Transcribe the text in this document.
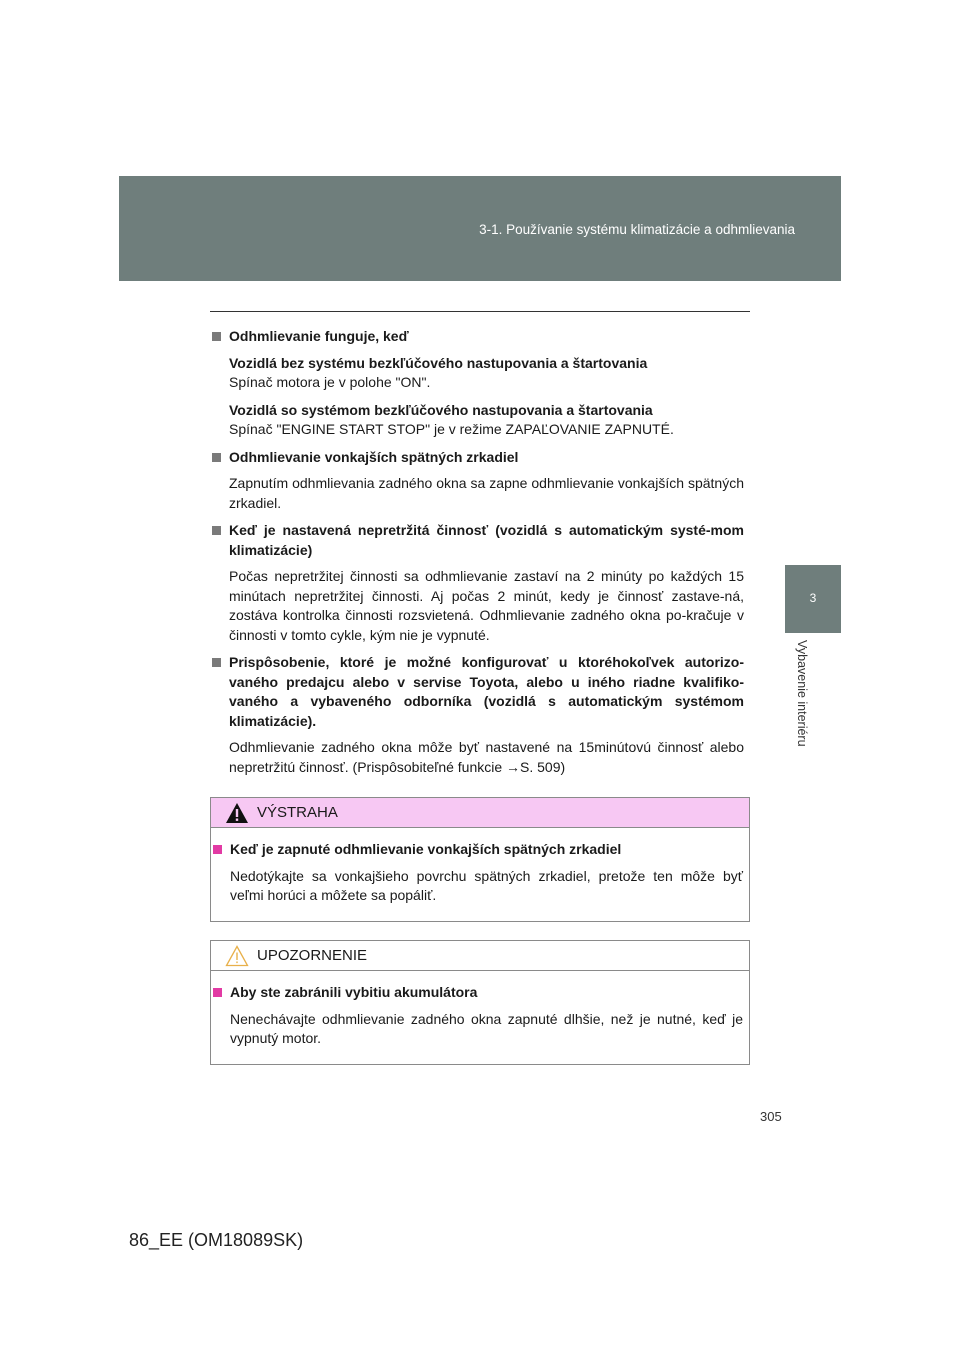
3-1. Používanie systému klimatizácie a odhmlievania
3
Vybavenie interiéru
Odhmlievanie funguje, keď
Vozidlá bez systému bezkľúčového nastupovania a štartovania
Spínač motora je v polohe "ON".
Vozidlá so systémom bezkľúčového nastupovania a štartovania
Spínač "ENGINE START STOP" je v režime ZAPAĽOVANIE ZAPNUTÉ.
Odhmlievanie vonkajších spätných zrkadiel
Zapnutím odhmlievania zadného okna sa zapne odhmlievanie vonkajších spätných zrkadiel.
Keď je nastavená nepretržitá činnosť (vozidlá s automatickým systé-mom klimatizácie)
Počas nepretržitej činnosti sa odhmlievanie zastaví na 2 minúty po každých 15 minútach nepretržitej činnosti. Aj počas 2 minút, kedy je činnosť zastave-ná, zostáva kontrolka činnosti rozsvietená. Odhmlievanie zadného okna po-kračuje v činnosti v tomto cykle, kým nie je vypnuté.
Prispôsobenie, ktoré je možné konfigurovať u ktoréhokoľvek autorizo-vaného predajcu alebo v servise Toyota, alebo u iného riadne kvalifiko-vaného a vybaveného odborníka (vozidlá s automatickým systémom klimatizácie).
Odhmlievanie zadného okna môže byť nastavené na 15minútovú činnosť alebo nepretržitú činnosť. (Prispôsobiteľné funkcie →S. 509)
VÝSTRAHA
Keď je zapnuté odhmlievanie vonkajších spätných zrkadiel
Nedotýkajte sa vonkajšieho povrchu spätných zrkadiel, pretože ten môže byť veľmi horúci a môžete sa popáliť.
UPOZORNENIE
Aby ste zabránili vybitiu akumulátora
Nenechávajte odhmlievanie zadného okna zapnuté dlhšie, než je nutné, keď je vypnutý motor.
305
86_EE (OM18089SK)
